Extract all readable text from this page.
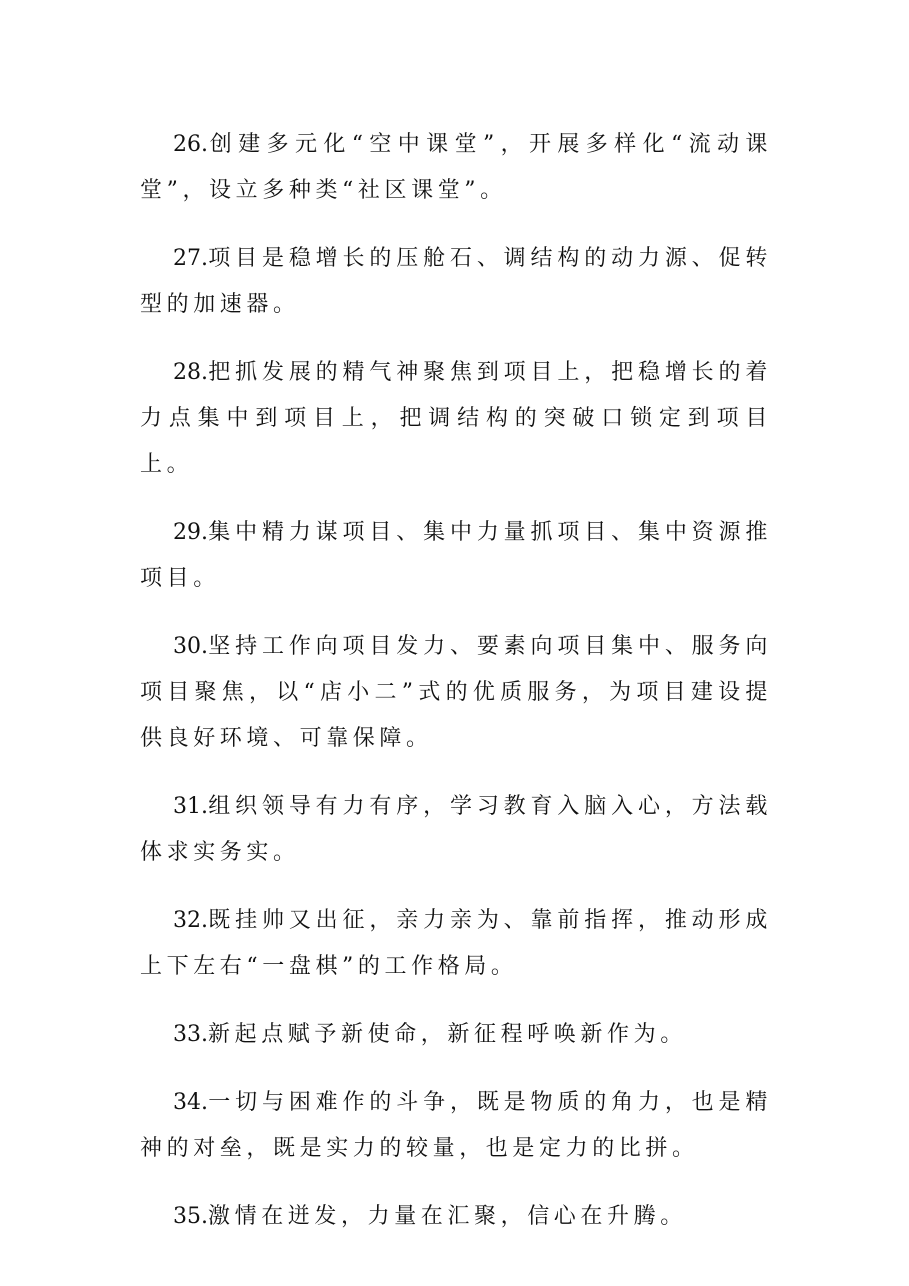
26.创建多元化“空中课堂”，开展多样化“流动课堂”，设立多种类“社区课堂”。

27.项目是稳增长的压舱石、调结构的动力源、促转型的加速器。

28.把抓发展的精气神聚焦到项目上，把稳增长的着力点集中到项目上，把调结构的突破口锁定到项目上。

29.集中精力谋项目、集中力量抓项目、集中资源推项目。

30.坚持工作向项目发力、要素向项目集中、服务向项目聚焦，以“店小二”式的优质服务，为项目建设提供良好环境、可靠保障。

31.组织领导有力有序，学习教育入脑入心，方法载体求实务实。

32.既挂帅又出征，亲力亲为、靠前指挥，推动形成上下左右“一盘棋”的工作格局。

33.新起点赋予新使命，新征程呼唤新作为。

34.一切与困难作的斗争，既是物质的角力，也是精神的对垒，既是实力的较量，也是定力的比拼。

35.激情在迸发，力量在汇聚，信心在升腾。
